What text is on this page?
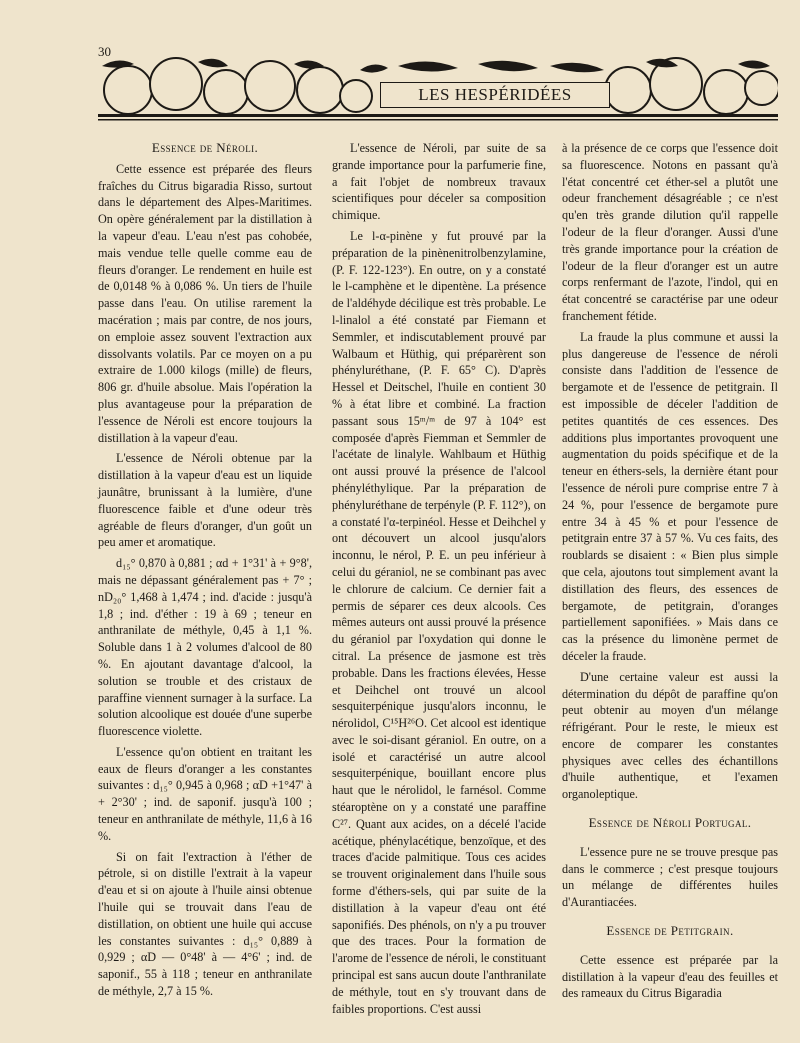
30
LES HESPÉRIDÉES

Essence de Néroli.

Cette essence est préparée des fleurs fraîches du Citrus bigaradia Risso, surtout dans le département des Alpes-Maritimes. On opère généralement par la distillation à la vapeur d'eau. L'eau n'est pas cohobée, mais vendue telle quelle comme eau de fleurs d'oranger. Le rendement en huile est de 0,0148 % à 0,086 %. Un tiers de l'huile passe dans l'eau. On utilise rarement la macération ; mais par contre, de nos jours, on emploie assez souvent l'extraction aux dissolvants volatils. Par ce moyen on a pu extraire de 1.000 kilogs (mille) de fleurs, 806 gr. d'huile absolue. Mais l'opération la plus avantageuse pour la préparation de l'essence de Néroli est encore toujours la distillation à la vapeur d'eau.

L'essence de Néroli obtenue par la distillation à la vapeur d'eau est un liquide jaunâtre, brunissant à la lumière, d'une fluorescence faible et d'une odeur très agréable de fleurs d'oranger, d'un goût un peu amer et aromatique.

d₁₅° 0,870 à 0,881 ; αd + 1°31' à + 9°8', mais ne dépassant généralement pas + 7° ; nD₂₀° 1,468 à 1,474 ; ind. d'acide : jusqu'à 1,8 ; ind. d'éther : 19 à 69 ; teneur en anthranilate de méthyle, 0,45 à 1,1 %. Soluble dans 1 à 2 volumes d'alcool de 80 %. En ajoutant davantage d'alcool, la solution se trouble et des cristaux de paraffine viennent surnager à la surface. La solution alcoolique est douée d'une superbe fluorescence violette.

L'essence qu'on obtient en traitant les eaux de fleurs d'oranger a les constantes suivantes : d₁₅° 0,945 à 0,968 ; αD +1°47' à + 2°30' ; ind. de saponif. jusqu'à 100 ; teneur en anthranilate de méthyle, 11,6 à 16 %.

Si on fait l'extraction à l'éther de pétrole, si on distille l'extrait à la vapeur d'eau et si on ajoute à l'huile ainsi obtenue l'huile qui se trouvait dans l'eau de distillation, on obtient une huile qui accuse les constantes suivantes : d₁₅° 0,889 à 0,929 ; αD — 0°48' à — 4°6' ; ind. de saponif., 55 à 118 ; teneur en anthranilate de méthyle, 2,7 à 15 %.

L'essence de Néroli, par suite de sa grande importance pour la parfumerie fine, a fait l'objet de nombreux travaux scientifiques pour déceler sa composition chimique.

Le l-α-pinène y fut prouvé par la préparation de la pinènenitrolbenzylamine, (P. F. 122-123°). En outre, on y a constaté le l-camphène et le dipentène. La présence de l'aldéhyde décilique est très probable. Le l-linalol a été constaté par Fiemann et Semmler, et indiscutablement prouvé par Walbaum et Hüthig, qui préparèrent son phényluréthane, (P. F. 65° C). D'après Hessel et Deitschel, l'huile en contient 30 % à état libre et combiné. La fraction passant sous 15ᵐ/ᵐ de 97 à 104° est composée d'après Fiemman et Semmler de l'acétate de linalyle. Wahlbaum et Hüthig ont aussi prouvé la présence de l'alcool phényléthylique. Par la préparation de phényluréthane de terpényle (P. F. 112°), on a constaté l'α-terpinéol. Hesse et Deihchel y ont découvert un alcool jusqu'alors inconnu, le nérol, P. E. un peu inférieur à celui du géraniol, ne se combinant pas avec le chlorure de calcium. Ce dernier fait a permis de séparer ces deux alcools. Ces mêmes auteurs ont aussi prouvé la présence du géraniol par l'oxydation qui donne le citral. La présence de jasmone est très probable. Dans les fractions élevées, Hesse et Deihchel ont trouvé un alcool sesquiterpénique jusqu'alors inconnu, le nérolidol, C¹⁵H²⁶O. Cet alcool est identique avec le soi-disant géraniol. En outre, on a isolé et caractérisé un autre alcool sesquiterpénique, bouillant encore plus haut que le nérolidol, le farnésol. Comme stéaroptène on y a constaté une paraffine C²⁷. Quant aux acides, on a décelé l'acide acétique, phénylacétique, benzoïque, et des traces d'acide palmitique. Tous ces acides se trouvent originalement dans l'huile sous forme d'éthers-sels, qui par suite de la distillation à la vapeur d'eau ont été saponifiés. Des phénols, on n'y a pu trouver que des traces. Pour la formation de l'arome de l'essence de néroli, le constituant principal est sans aucun doute l'anthranilate de méthyle, tout en s'y trouvant dans de faibles proportions. C'est aussi

à la présence de ce corps que l'essence doit sa fluorescence. Notons en passant qu'à l'état concentré cet éther-sel a plutôt une odeur franchement désagréable ; ce n'est qu'en très grande dilution qu'il rappelle l'odeur de la fleur d'oranger. Aussi d'une très grande importance pour la création de l'odeur de la fleur d'oranger est un autre corps renfermant de l'azote, l'indol, qui en état concentré se caractérise par une odeur franchement fétide.

La fraude la plus commune et aussi la plus dangereuse de l'essence de néroli consiste dans l'addition de l'essence de bergamote et de l'essence de petitgrain. Il est impossible de déceler l'addition de petites quantités de ces essences. Des additions plus importantes provoquent une augmentation du poids spécifique et de la teneur en éthers-sels, la dernière étant pour l'essence de néroli pure comprise entre 7 à 24 %, pour l'essence de bergamote pure entre 34 à 45 % et pour l'essence de petitgrain entre 37 à 57 %. Vu ces faits, des roublards se disaient : « Bien plus simple que cela, ajoutons tout simplement avant la distillation des fleurs, des essences de bergamote, de petitgrain, d'oranges partiellement saponifiées. » Mais dans ce cas la présence du limonène permet de déceler la fraude.

D'une certaine valeur est aussi la détermination du dépôt de paraffine qu'on peut obtenir au moyen d'un mélange réfrigérant. Pour le reste, le mieux est encore de comparer les constantes physiques avec celles des échantillons d'huile authentique, et l'examen organoleptique.

Essence de Néroli Portugal.

L'essence pure ne se trouve presque pas dans le commerce ; c'est presque toujours un mélange de différentes huiles d'Aurantiacées.

Essence de Petitgrain.

Cette essence est préparée par la distillation à la vapeur d'eau des feuilles et des rameaux du Citrus Bigaradia
